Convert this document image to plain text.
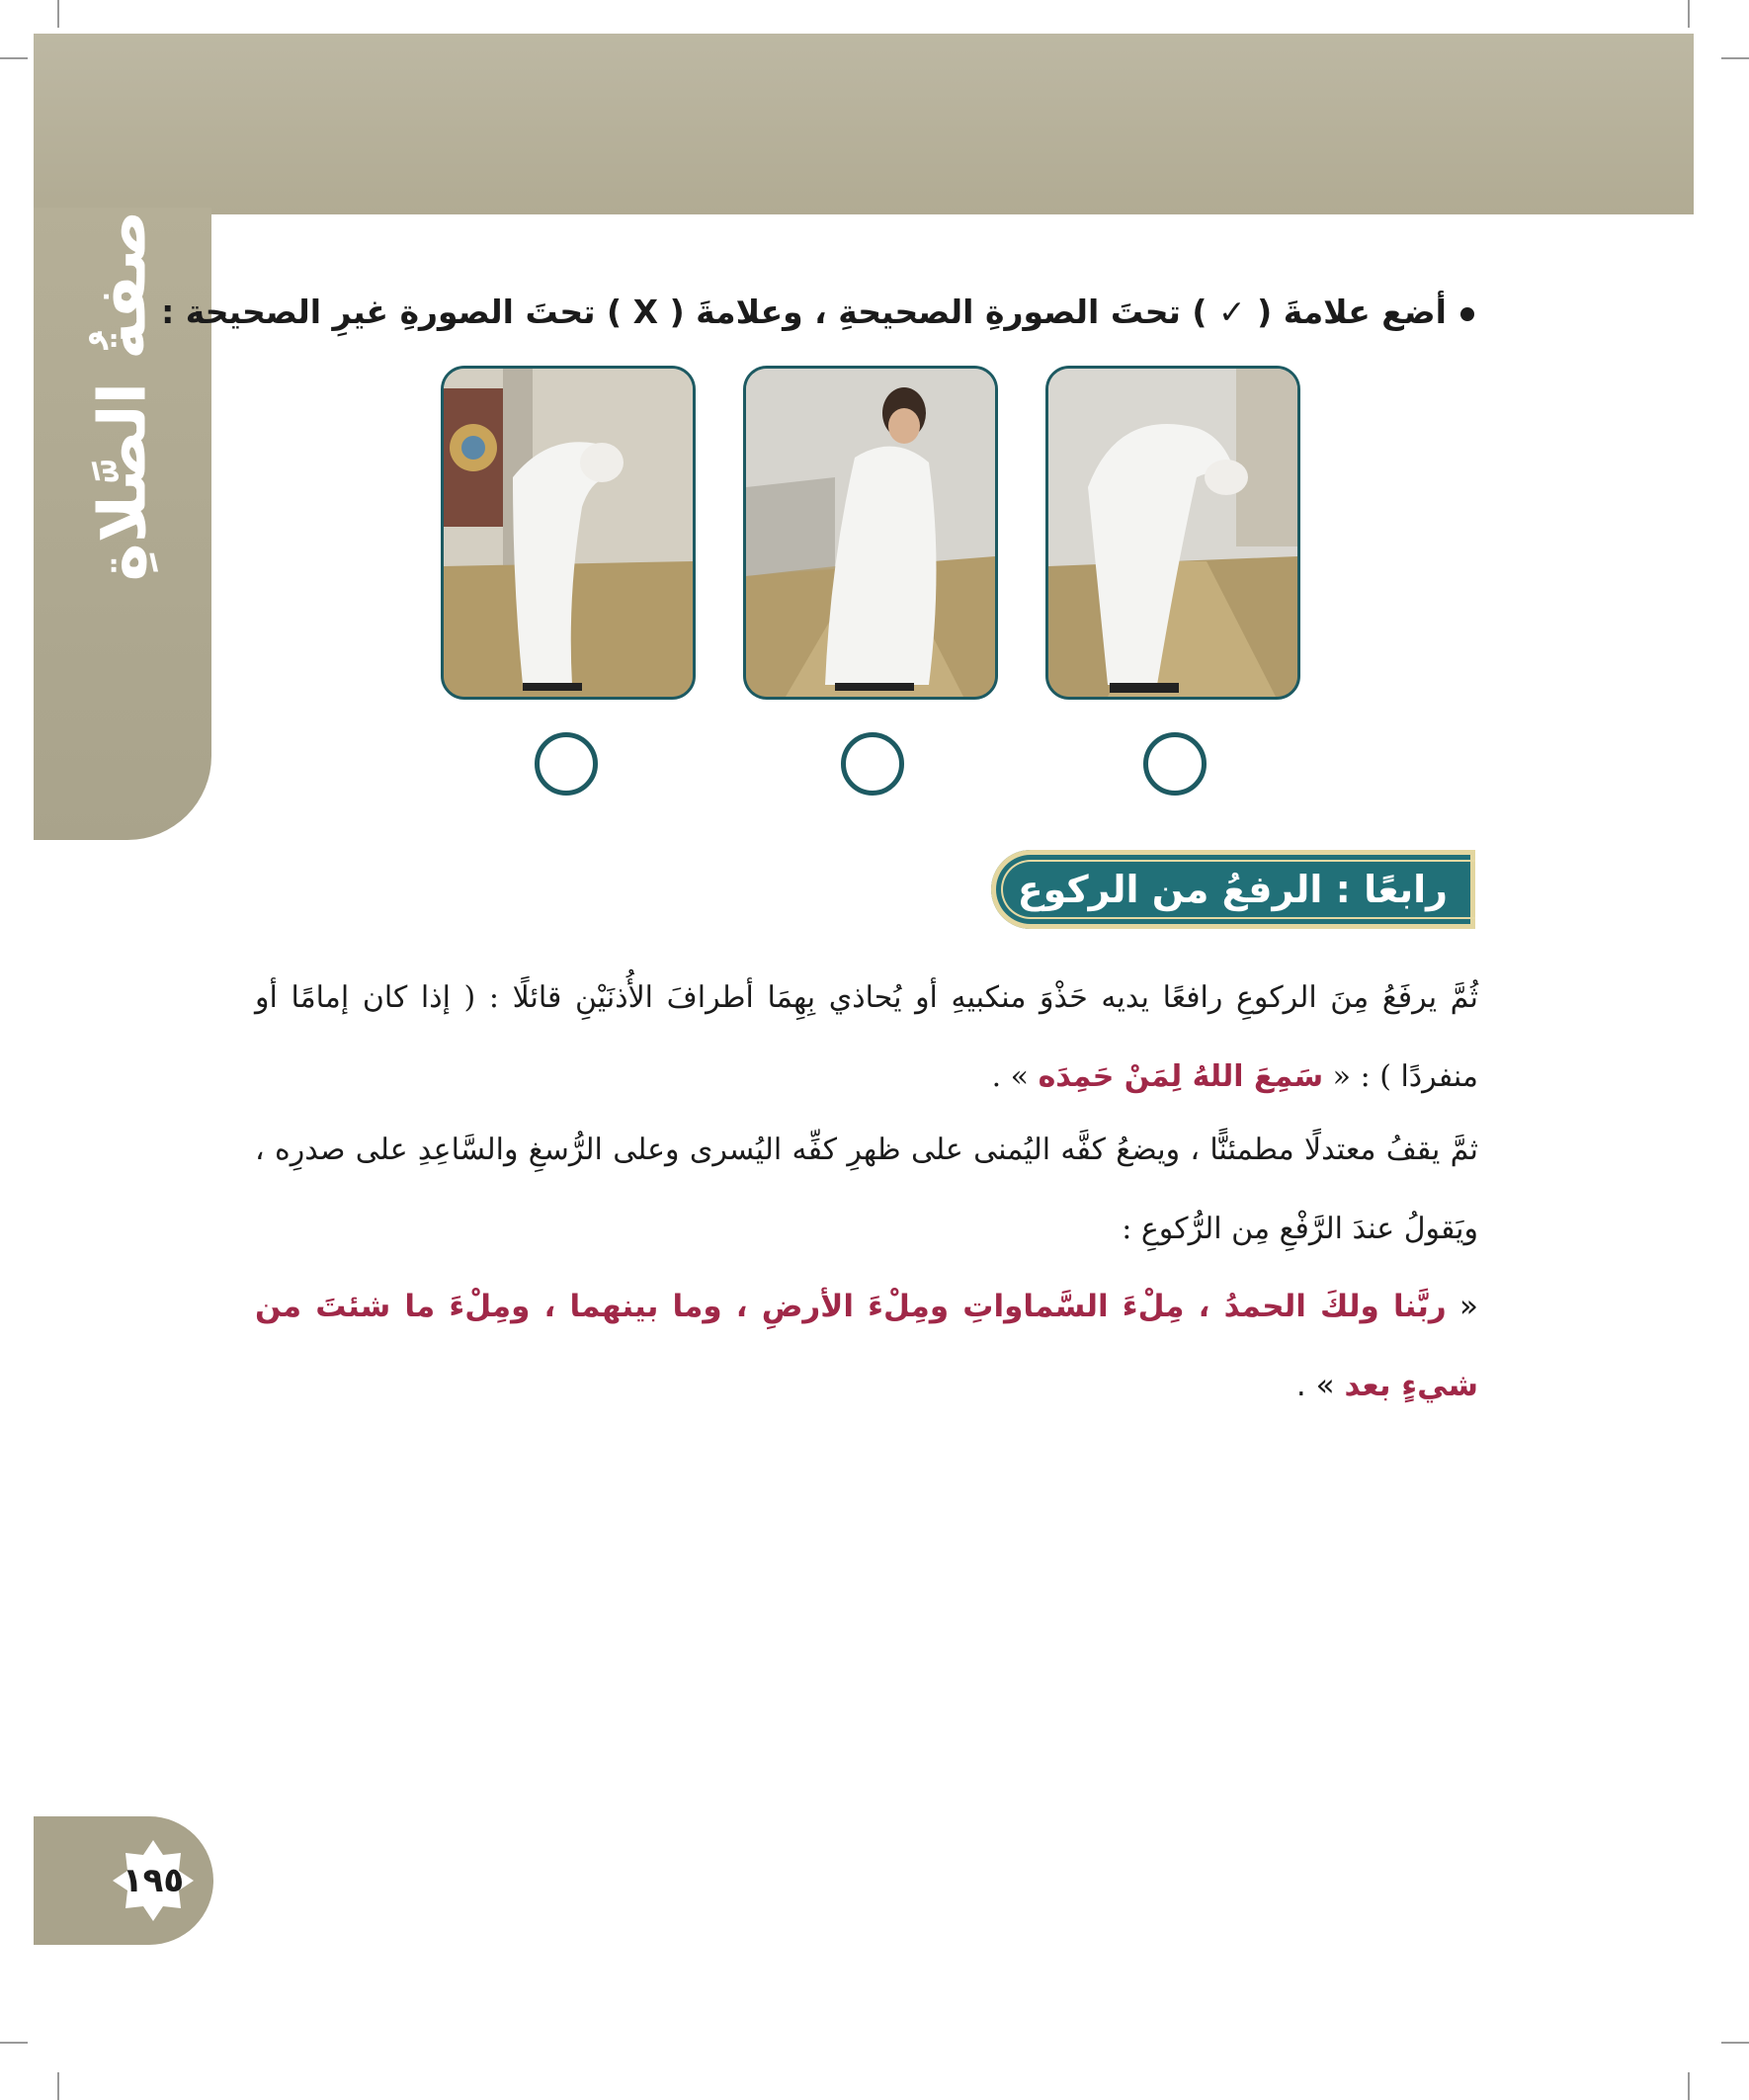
صفةُ الصَّلاةِ أضع علامةَ ( ✓ ) تحتَ الصورةِ الصحيحةِ ، وعلامةَ ( X ) تحتَ الصورةِ غيرِ الصحيحة :
رابعًا : الرفعُ من الركوع
ثُمَّ يرفَعُ مِنَ الركوعِ رافعًا يديه حَذْوَ منكبيهِ أو يُحاذي بِهِمَا أطرافَ الأُذنَيْنِ قائلًا : ( إذا كان إمامًا أو منفردًا ) : « سَمِعَ اللهُ لِمَنْ حَمِدَه » .
ثمَّ يقفُ معتدلًا مطمئنًّا ، ويضعُ كفَّه اليُمنى على ظهرِ كفِّه اليُسرى وعلى الرُّسغِ والسَّاعِدِ على صدرِه ، ويَقولُ عندَ الرَّفْعِ مِن الرُّكوعِ :
« ربَّنا ولكَ الحمدُ ، مِلْءَ السَّماواتِ ومِلْءَ الأرضِ ، وما بينهما ، ومِلْءَ ما شئتَ من شيءٍ بعد » .
١٩٥
